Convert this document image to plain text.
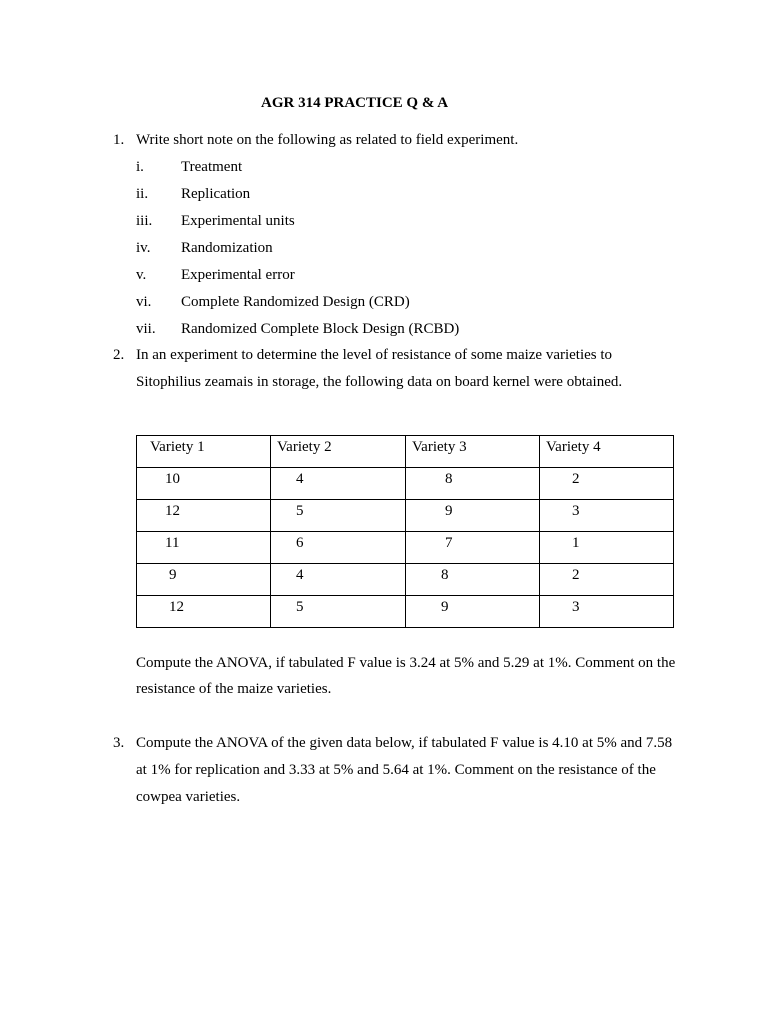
AGR 314 PRACTICE Q & A
1. Write short note on the following as related to field experiment.
i. Treatment
ii. Replication
iii. Experimental units
iv. Randomization
v. Experimental error
vi. Complete Randomized Design (CRD)
vii. Randomized Complete Block Design (RCBD)
2. In an experiment to determine the level of resistance of some maize varieties to
Sitophilius zeamais in storage, the following data on board kernel were obtained.
Variety 1	Variety 2	Variety 3	Variety 4
10	4	8	2
12	5	9	3
11	6	7	1
9	4	8	2
12	5	9	3
Compute the ANOVA, if tabulated F value is 3.24 at 5% and 5.29 at 1%. Comment on the
resistance of the maize varieties.
3. Compute the ANOVA of the given data below, if tabulated F value is 4.10 at 5% and 7.58
at 1% for replication and 3.33 at 5% and 5.64 at 1%. Comment on the resistance of the
cowpea varieties.
